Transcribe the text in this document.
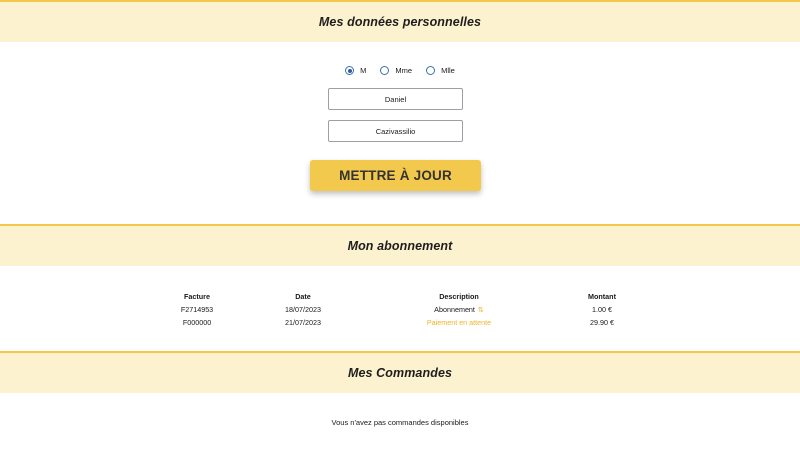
Mes données personnelles
M	Mme	Mlle
Daniel
Cazivassilio
METTRE À JOUR
Mon abonnement
Facture	Date	Description	Montant
F2714953	18/07/2023	Abonnement ⇅	1.00 €
F000000	21/07/2023	Paiement en attente	29.90 €
Mes Commandes
Vous n'avez pas commandes disponibles
